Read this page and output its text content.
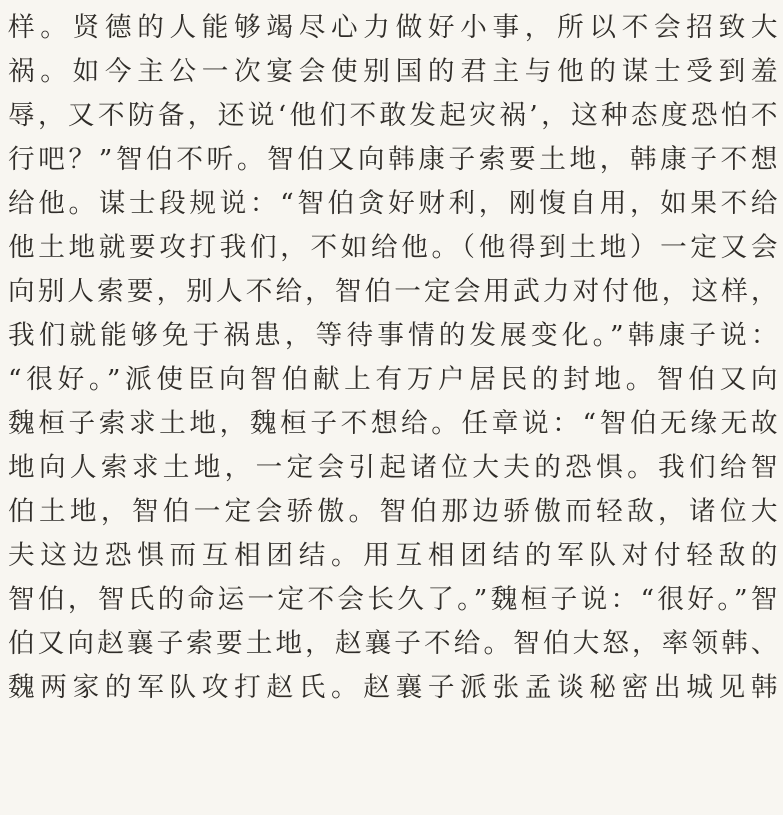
样。贤德的人能够竭尽心力做好小事，所以不会招致大
祸。如今主公一次宴会使别国的君主与他的谋士受到羞
辱，又不防备，还说‘他们不敢发起灾祸’，这种态度恐怕不
行吧？”智伯不听。智伯又向韩康子索要土地，韩康子不想
给他。谋士段规说：“智伯贪好财利，刚愎自用，如果不给
他土地就要攻打我们，不如给他。（他得到土地）一定又会
向别人索要，别人不给，智伯一定会用武力对付他，这样，
我们就能够免于祸患，等待事情的发展变化。”韩康子说：
“很好。”派使臣向智伯献上有万户居民的封地。智伯又向
魏桓子索求土地，魏桓子不想给。任章说：“智伯无缘无故
地向人索求土地，一定会引起诸位大夫的恐惧。我们给智
伯土地，智伯一定会骄傲。智伯那边骄傲而轻敌，诸位大
夫这边恐惧而互相团结。用互相团结的军队对付轻敌的
智伯，智氏的命运一定不会长久了。”魏桓子说：“很好。”智
伯又向赵襄子索要土地，赵襄子不给。智伯大怒，率领韩、
魏两家的军队攻打赵氏。赵襄子派张孟谈秘密出城见韩
